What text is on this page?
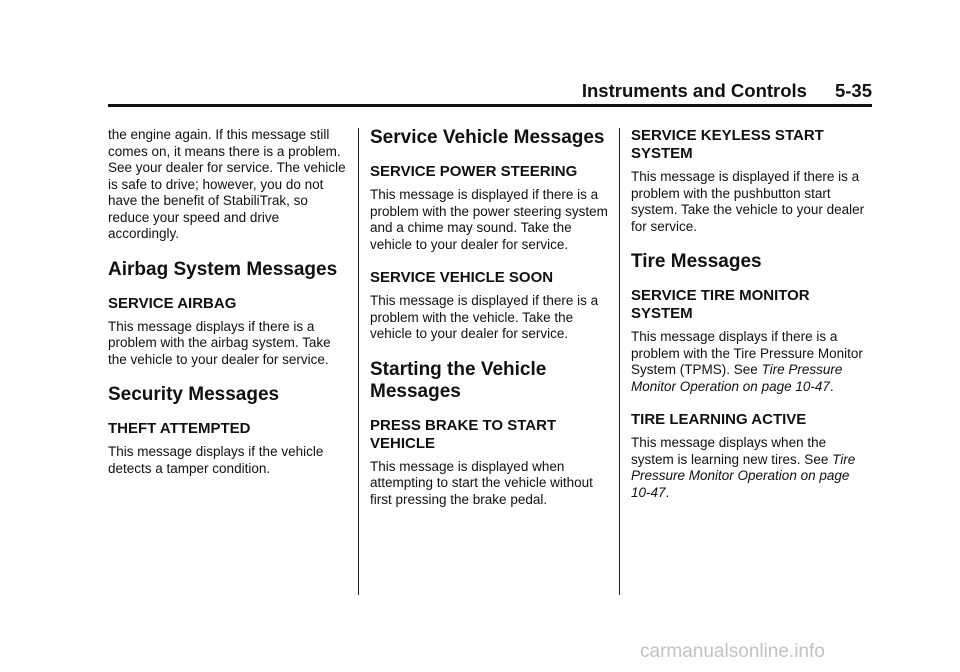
Instruments and Controls 5-35

the engine again. If this message still comes on, it means there is a problem. See your dealer for service. The vehicle is safe to drive; however, you do not have the benefit of StabiliTrak, so reduce your speed and drive accordingly.

Airbag System Messages
SERVICE AIRBAG

This message displays if there is a problem with the airbag system. Take the vehicle to your dealer for service.

Security Messages
THEFT ATTEMPTED

This message displays if the vehicle detects a tamper condition.

Service Vehicle Messages
SERVICE POWER STEERING

This message is displayed if there is a problem with the power steering system and a chime may sound. Take the vehicle to your dealer for service.

SERVICE VEHICLE SOON

This message is displayed if there is a problem with the vehicle. Take the vehicle to your dealer for service.

Starting the Vehicle Messages
PRESS BRAKE TO START VEHICLE

This message is displayed when attempting to start the vehicle without first pressing the brake pedal.

SERVICE KEYLESS START SYSTEM

This message is displayed if there is a problem with the pushbutton start system. Take the vehicle to your dealer for service.

Tire Messages
SERVICE TIRE MONITOR SYSTEM

This message displays if there is a problem with the Tire Pressure Monitor System (TPMS). See Tire Pressure Monitor Operation on page 10-47.

TIRE LEARNING ACTIVE

This message displays when the system is learning new tires. See Tire Pressure Monitor Operation on page 10-47.

carmanualsonline.info
